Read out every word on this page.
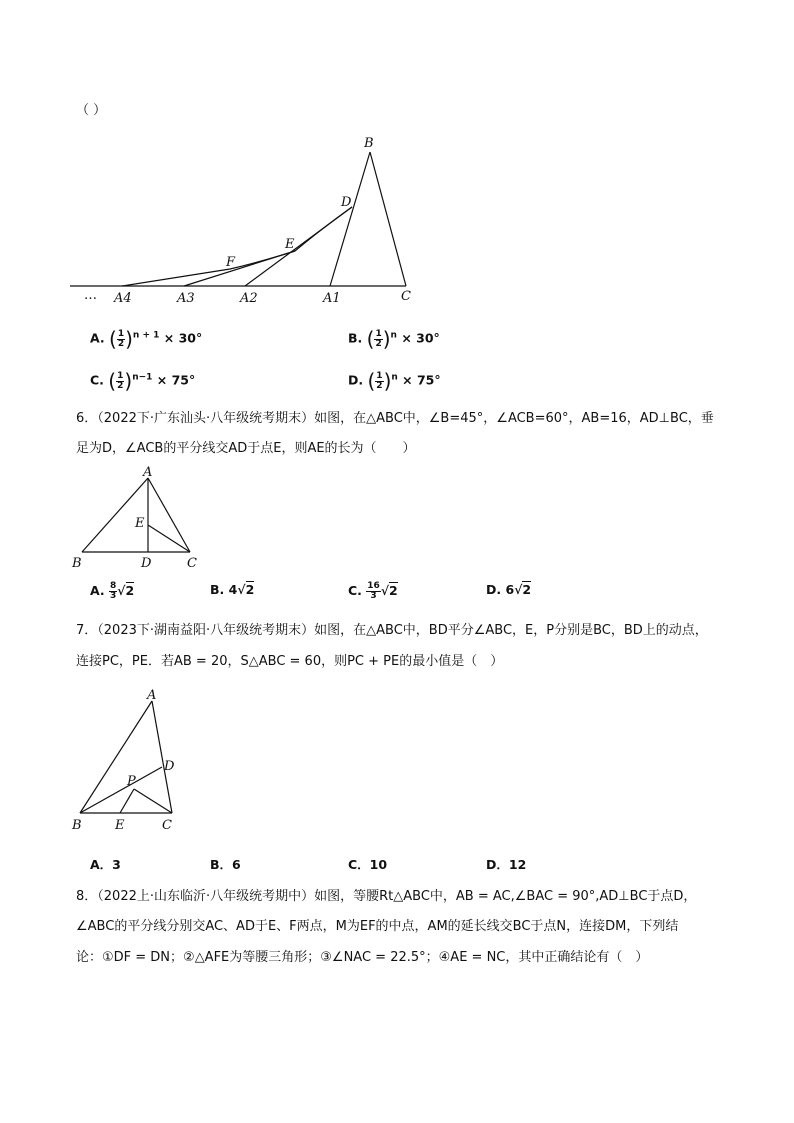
（ ）
B
D
E
F
… A4	A3	A2	A1	C
A. ( $\frac{1}{2} )^{n + 1} \times 30^\circ$	B. ( $\frac{1}{2} )^n \times 30^\circ$
C. ( $\frac{1}{2} )^{n-1} \times 75^\circ$	D. ( $\frac{1}{2} )^n \times 75^\circ$
6．（2022下·广东汕头·八年级统考期末）如图，在△ABC中，∠B=45°，∠ACB=60°，AB=16，AD⊥BC，垂
足为D，∠ACB的平分线交AD于点E，则AE的长为（　　）
A
E
B	D	C
A. $\frac{8}{3} √2$	B. 4√2	C. $\frac{16}{3} √2$	D. 6√2
7．（2023下·湖南益阳·八年级统考期末）如图，在△ABC中，BD平分∠ABC，E，P分别是BC，BD上的动点，
连接PC，PE．若AB = 20，S△ABC = 60，则PC + PE的最小值是（　）
A
D
P
B	E	C
A．3	B．6	C．10	D．12
8．（2022上·山东临沂·八年级统考期中）如图，等腰Rt△ABC中，AB = AC,∠BAC = 90°,AD⊥BC于点D，
∠ABC的平分线分别交AC、AD于E、F两点，M为EF的中点，AM的延长线交BC于点N，连接DM，下列结
论：①DF = DN；②△AFE为等腰三角形；③∠NAC = 22.5°；④AE = NC，其中正确结论有（　）
